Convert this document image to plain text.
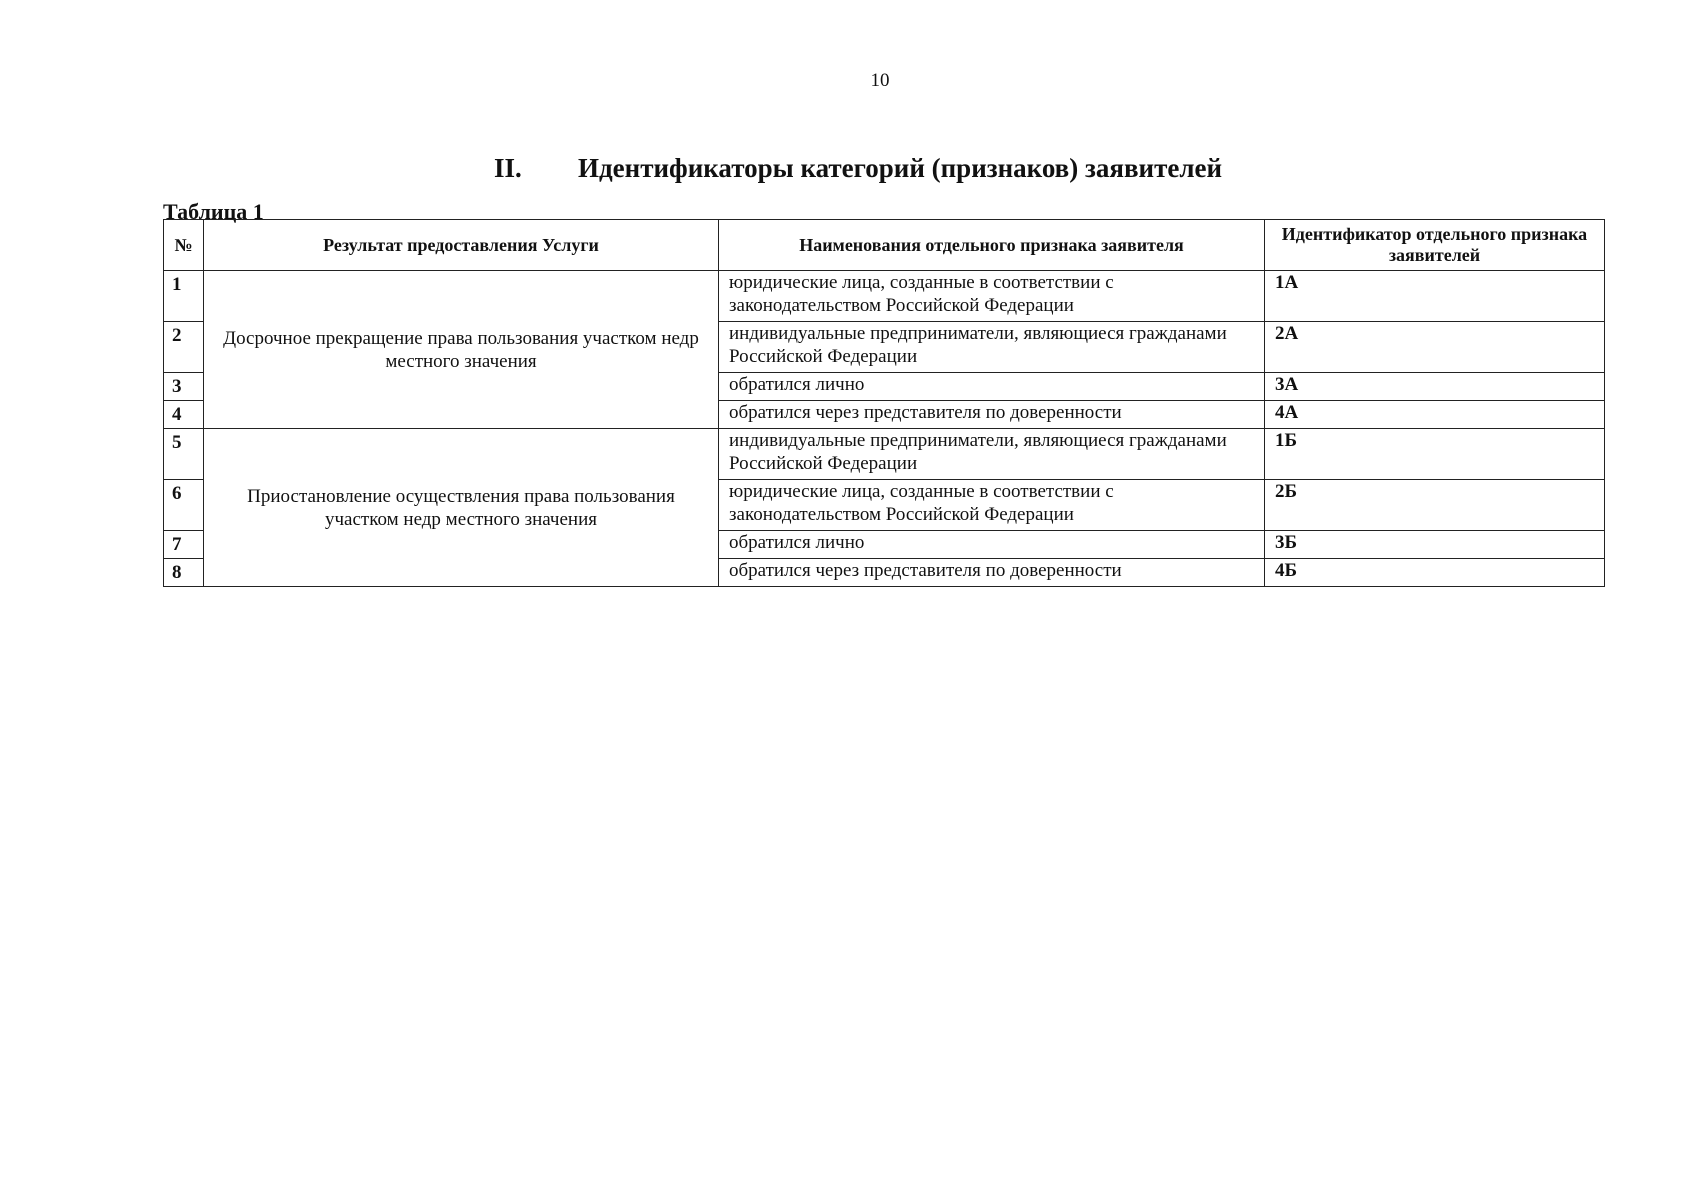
10
II. Идентификаторы категорий (признаков) заявителей
Таблица 1
№	Результат предоставления Услуги	Наименования отдельного признака заявителя	Идентификатор отдельного признака заявителей
1	Досрочное прекращение права пользования участком недр местного значения	юридические лица, созданные в соответствии с законодательством Российской Федерации	1А
2		индивидуальные предприниматели, являющиеся гражданами Российской Федерации	2А
3		обратился лично	3А
4		обратился через представителя по доверенности	4А
5	Приостановление осуществления права пользования участком недр местного значения	индивидуальные предприниматели, являющиеся гражданами Российской Федерации	1Б
6		юридические лица, созданные в соответствии с законодательством Российской Федерации	2Б
7		обратился лично	3Б
8		обратился через представителя по доверенности	4Б
